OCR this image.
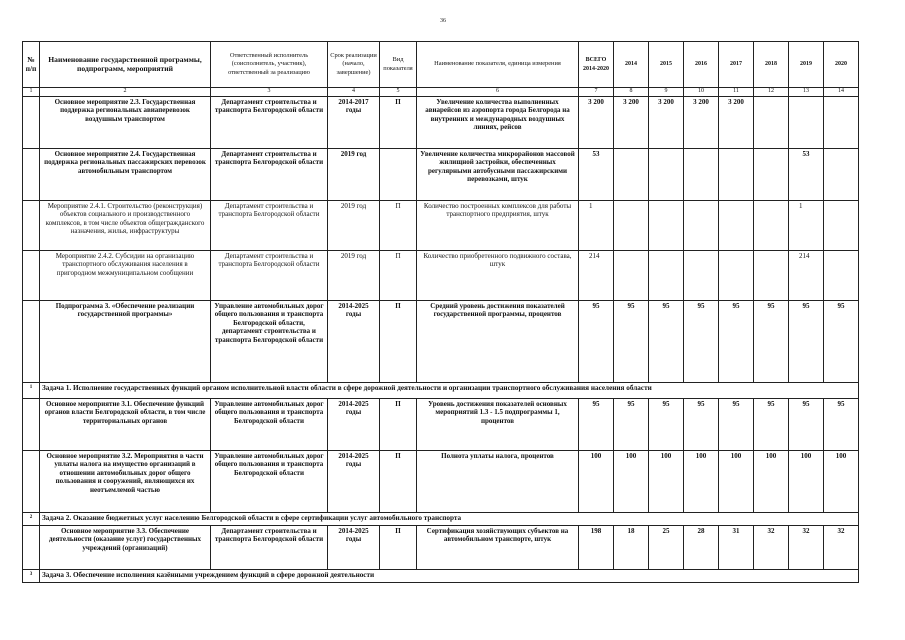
36
№ п/п	Наименование государственной программы, подпрограмм, мероприятий	Ответственный исполнитель (соисполнитель, участник), ответственный за реализацию	Срок реализации (начало, завершение)	Вид показателя	Наименование показателя, единица измерения	ВСЕГО 2014-2020	2014	2015	2016	2017	2018	2019	2020
1	2	3	4	5	6	7	8	9	10	11	12	13	14
	Основное мероприятие 2.3. Государственная поддержка региональных авиаперевозок воздушным транспортом	Департамент строительства и транспорта Белгородской области	2014-2017 годы	П	Увеличение количества выполненных авиарейсов из аэропорта города Белгорода на внутренних и международных воздушных линиях, рейсов	3 200	3 200	3 200	3 200	3 200			
	Основное мероприятие 2.4. Государственная поддержка региональных пассажирских перевозок автомобильным транспортом	Департамент строительства и транспорта Белгородской области	2019 год		Увеличение количества микрорайонов массовой жилищной застройки, обеспеченных регулярными автобусными пассажирскими перевозками, штук	53						53	
	Мероприятие 2.4.1. Строительство (реконструкция) объектов социального и производственного комплексов, в том числе объектов общегражданского назначения, жилья, инфраструктуры	Департамент строительства и транспорта Белгородской области	2019 год	П	Количество построенных комплексов для работы транспортного предприятия, штук	1						1	
	Мероприятие 2.4.2. Субсидии на организацию транспортного обслуживания населения в пригородном межмуниципальном сообщении	Департамент строительства и транспорта Белгородской области	2019 год	П	Количество приобретенного подвижного состава, штук	214						214	
	Подпрограмма 3. «Обеспечение реализации государственной программы»	Управление автомобильных дорог общего пользования и транспорта Белгородской области, департамент строительства и транспорта Белгородской области	2014-2025 годы	П	Средний уровень достижения показателей государственной программы, процентов	95	95	95	95	95	95	95	95
1	Задача 1. Исполнение государственных функций органом исполнительной власти области в сфере дорожной деятельности и организации транспортного обслуживания населения области												
	Основное мероприятие 3.1. Обеспечение функций органов власти Белгородской области, в том числе территориальных органов	Управление автомобильных дорог общего пользования и транспорта Белгородской области	2014-2025 годы	П	Уровень достижения показателей основных мероприятий 1.3 - 1.5 подпрограммы 1, процентов	95	95	95	95	95	95	95	95
	Основное мероприятие 3.2. Мероприятия в части уплаты налога на имущество организаций в отношении автомобильных дорог общего пользования и сооружений, являющихся их неотъемлемой частью	Управление автомобильных дорог общего пользования и транспорта Белгородской области	2014-2025 годы	П	Полнота уплаты налога, процентов	100	100	100	100	100	100	100	100
2	Задача 2. Оказание бюджетных услуг населению Белгородской области в сфере сертификации услуг автомобильного транспорта												
	Основное мероприятие 3.3. Обеспечение деятельности (оказание услуг) государственных учреждений (организаций)	Департамент строительства и транспорта Белгородской области	2014-2025 годы	П	Сертификация хозяйствующих субъектов на автомобильном транспорте, штук	198	18	25	28	31	32	32	32
3	Задача 3. Обеспечение исполнения казёнными учреждением функций в сфере дорожной деятельности												
